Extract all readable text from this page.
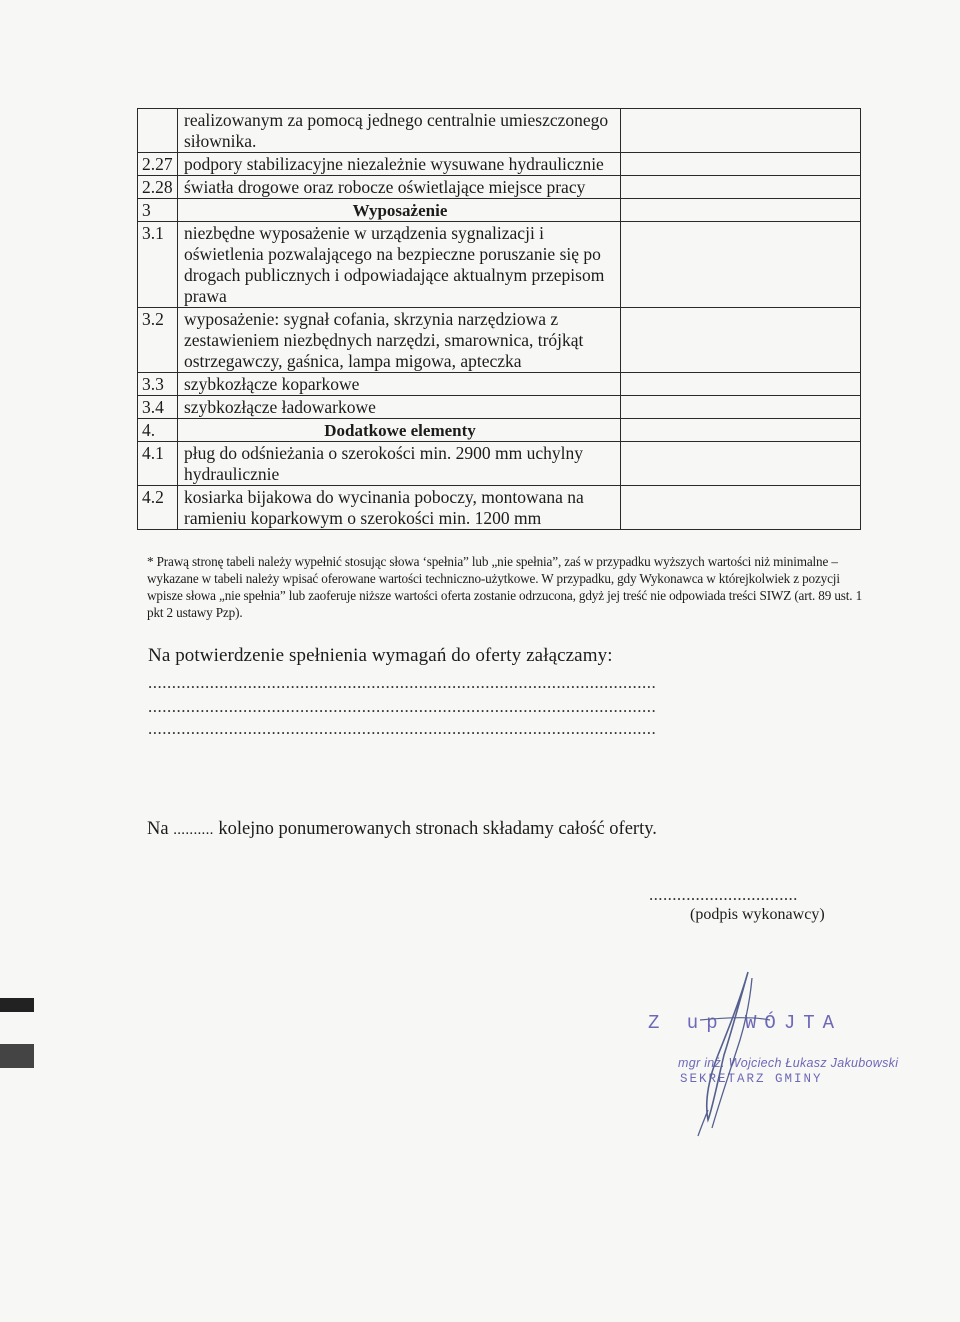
	realizowanym za pomocą jednego centralnie umieszczonego siłownika.	
2.27	podpory stabilizacyjne niezależnie wysuwane hydraulicznie	
2.28	światła drogowe oraz robocze oświetlające miejsce pracy	
3	Wyposażenie	
3.1	niezbędne wyposażenie w urządzenia sygnalizacji i oświetlenia pozwalającego na bezpieczne poruszanie się po drogach publicznych i odpowiadające aktualnym przepisom prawa	
3.2	wyposażenie: sygnał cofania, skrzynia narzędziowa z zestawieniem niezbędnych narzędzi, smarownica, trójkąt ostrzegawczy, gaśnica, lampa migowa, apteczka	
3.3	szybkozłącze koparkowe	
3.4	szybkozłącze ładowarkowe	
4.	Dodatkowe elementy	
4.1	pług do odśnieżania o szerokości min. 2900 mm uchylny hydraulicznie	
4.2	kosiarka bijakowa do wycinania poboczy, montowana na ramieniu koparkowym o szerokości min. 1200 mm	
* Prawą stronę tabeli należy wypełnić stosując słowa ‘spełnia” lub „nie spełnia”, zaś w przypadku wyższych wartości niż minimalne – wykazane w tabeli należy wpisać oferowane wartości techniczno-użytkowe. W przypadku, gdy Wykonawca w którejkolwiek z pozycji wpisze słowa „nie spełnia” lub zaoferuje niższe wartości oferta zostanie odrzucona, gdyż jej treść nie odpowiada treści SIWZ (art. 89 ust. 1 pkt 2 ustawy Pzp).
Na potwierdzenie spełnienia wymagań do oferty załączamy:
...........................................................................................................
...........................................................................................................
...........................................................................................................
Na .......... kolejno ponumerowanych stronach składamy całość oferty.
................................
(podpis wykonawcy)
Z up WÓJTA
mgr inż. Wojciech Łukasz Jakubowski
SEKRETARZ GMINY
